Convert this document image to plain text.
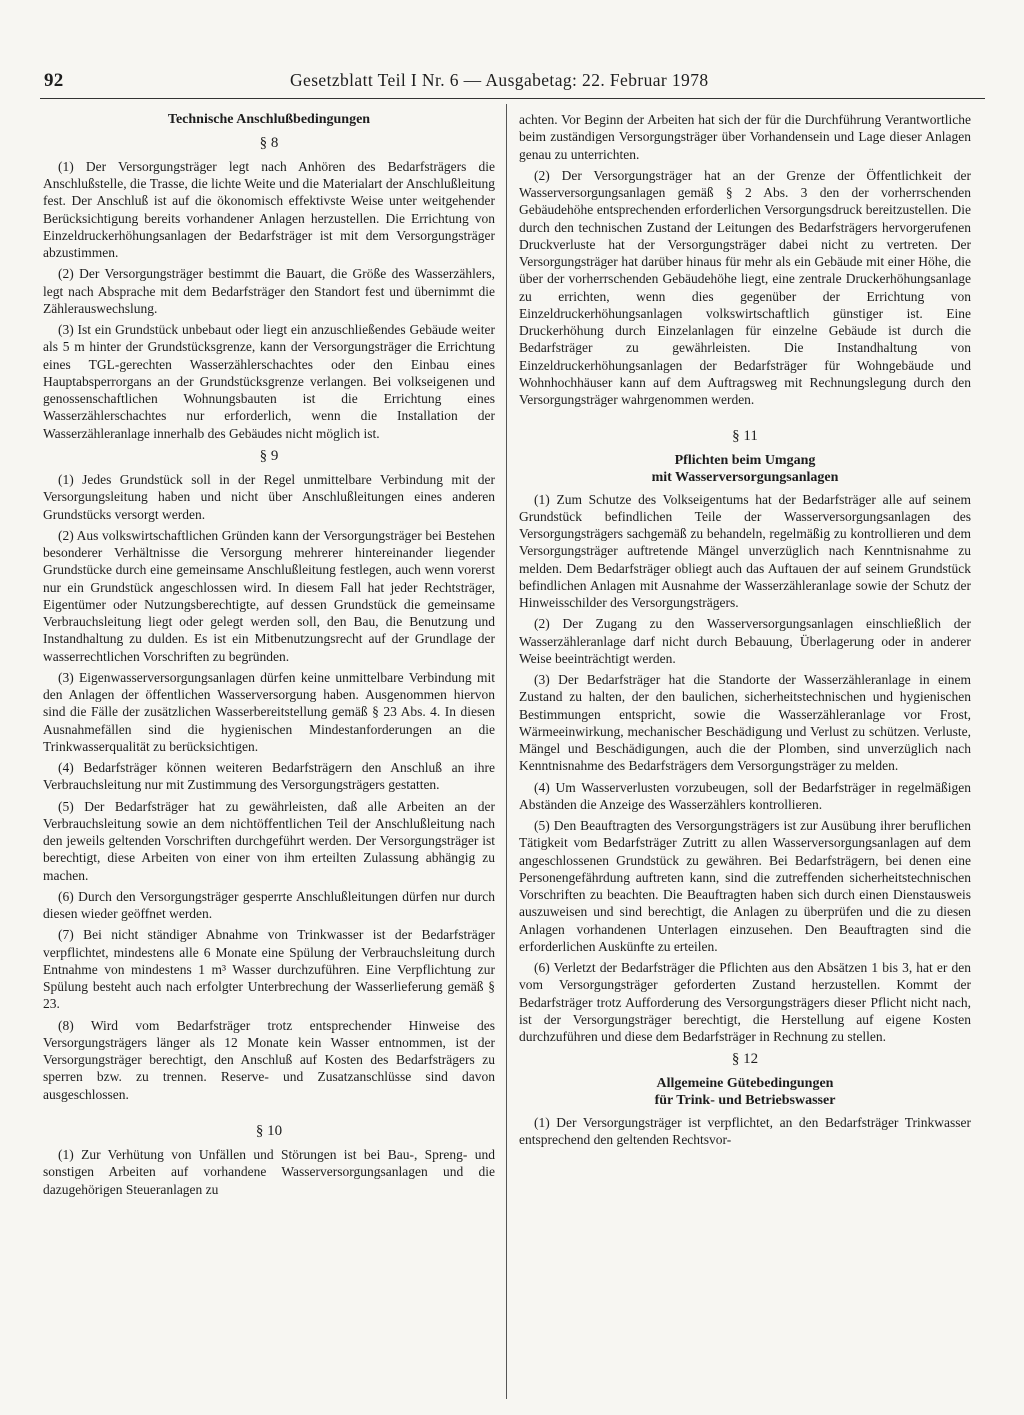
92	Gesetzblatt Teil I Nr. 6 — Ausgabetag: 22. Februar 1978
Technische Anschlußbedingungen
§ 8

(1) Der Versorgungsträger legt nach Anhören des Bedarfsträgers die Anschlußstelle, die Trasse, die lichte Weite und die Materialart der Anschlußleitung fest. Der Anschluß ist auf die ökonomisch effektivste Weise unter weitgehender Berücksichtigung bereits vorhandener Anlagen herzustellen. Die Errichtung von Einzeldruckerhöhungsanlagen der Bedarfsträger ist mit dem Versorgungsträger abzustimmen.

(2) Der Versorgungsträger bestimmt die Bauart, die Größe des Wasserzählers, legt nach Absprache mit dem Bedarfsträger den Standort fest und übernimmt die Zählerauswechslung.

(3) Ist ein Grundstück unbebaut oder liegt ein anzuschließendes Gebäude weiter als 5 m hinter der Grundstücksgrenze, kann der Versorgungsträger die Errichtung eines TGL-gerechten Wasserzählerschachtes oder den Einbau eines Hauptabsperrorgans an der Grundstücksgrenze verlangen. Bei volkseigenen und genossenschaftlichen Wohnungsbauten ist die Errichtung eines Wasserzählerschachtes nur erforderlich, wenn die Installation der Wasserzähleranlage innerhalb des Gebäudes nicht möglich ist.

§ 9

(1) Jedes Grundstück soll in der Regel unmittelbare Verbindung mit der Versorgungsleitung haben und nicht über Anschlußleitungen eines anderen Grundstücks versorgt werden.

(2) Aus volkswirtschaftlichen Gründen kann der Versorgungsträger bei Bestehen besonderer Verhältnisse die Versorgung mehrerer hintereinander liegender Grundstücke durch eine gemeinsame Anschlußleitung festlegen, auch wenn vorerst nur ein Grundstück angeschlossen wird. In diesem Fall hat jeder Rechtsträger, Eigentümer oder Nutzungsberechtigte, auf dessen Grundstück die gemeinsame Verbrauchsleitung liegt oder gelegt werden soll, den Bau, die Benutzung und Instandhaltung zu dulden. Es ist ein Mitbenutzungsrecht auf der Grundlage der wasserrechtlichen Vorschriften zu begründen.

(3) Eigenwasserversorgungsanlagen dürfen keine unmittelbare Verbindung mit den Anlagen der öffentlichen Wasserversorgung haben. Ausgenommen hiervon sind die Fälle der zusätzlichen Wasserbereitstellung gemäß § 23 Abs. 4. In diesen Ausnahmefällen sind die hygienischen Mindestanforderungen an die Trinkwasserqualität zu berücksichtigen.

(4) Bedarfsträger können weiteren Bedarfsträgern den Anschluß an ihre Verbrauchsleitung nur mit Zustimmung des Versorgungsträgers gestatten.

(5) Der Bedarfsträger hat zu gewährleisten, daß alle Arbeiten an der Verbrauchsleitung sowie an dem nichtöffentlichen Teil der Anschlußleitung nach den jeweils geltenden Vorschriften durchgeführt werden. Der Versorgungsträger ist berechtigt, diese Arbeiten von einer von ihm erteilten Zulassung abhängig zu machen.

(6) Durch den Versorgungsträger gesperrte Anschlußleitungen dürfen nur durch diesen wieder geöffnet werden.

(7) Bei nicht ständiger Abnahme von Trinkwasser ist der Bedarfsträger verpflichtet, mindestens alle 6 Monate eine Spülung der Verbrauchsleitung durch Entnahme von mindestens 1 m³ Wasser durchzuführen. Eine Verpflichtung zur Spülung besteht auch nach erfolgter Unterbrechung der Wasserlieferung gemäß § 23.

(8) Wird vom Bedarfsträger trotz entsprechender Hinweise des Versorgungsträgers länger als 12 Monate kein Wasser entnommen, ist der Versorgungsträger berechtigt, den Anschluß auf Kosten des Bedarfsträgers zu sperren bzw. zu trennen. Reserve- und Zusatzanschlüsse sind davon ausgeschlossen.

§ 10

(1) Zur Verhütung von Unfällen und Störungen ist bei Bau-, Spreng- und sonstigen Arbeiten auf vorhandene Wasserversorgungsanlagen und die dazugehörigen Steueranlagen zu

achten. Vor Beginn der Arbeiten hat sich der für die Durchführung Verantwortliche beim zuständigen Versorgungsträger über Vorhandensein und Lage dieser Anlagen genau zu unterrichten.

(2) Der Versorgungsträger hat an der Grenze der Öffentlichkeit der Wasserversorgungsanlagen gemäß § 2 Abs. 3 den der vorherrschenden Gebäudehöhe entsprechenden erforderlichen Versorgungsdruck bereitzustellen. Die durch den technischen Zustand der Leitungen des Bedarfsträgers hervorgerufenen Druckverluste hat der Versorgungsträger dabei nicht zu vertreten. Der Versorgungsträger hat darüber hinaus für mehr als ein Gebäude mit einer Höhe, die über der vorherrschenden Gebäudehöhe liegt, eine zentrale Druckerhöhungsanlage zu errichten, wenn dies gegenüber der Errichtung von Einzeldruckerhöhungsanlagen volkswirtschaftlich günstiger ist. Eine Druckerhöhung durch Einzelanlagen für einzelne Gebäude ist durch die Bedarfsträger zu gewährleisten. Die Instandhaltung von Einzeldruckerhöhungsanlagen der Bedarfsträger für Wohngebäude und Wohnhochhäuser kann auf dem Auftragsweg mit Rechnungslegung durch den Versorgungsträger wahrgenommen werden.

§ 11
Pflichten beim Umgang
mit Wasserversorgungsanlagen

(1) Zum Schutze des Volkseigentums hat der Bedarfsträger alle auf seinem Grundstück befindlichen Teile der Wasserversorgungsanlagen des Versorgungsträgers sachgemäß zu behandeln, regelmäßig zu kontrollieren und dem Versorgungsträger auftretende Mängel unverzüglich nach Kenntnisnahme zu melden. Dem Bedarfsträger obliegt auch das Auftauen der auf seinem Grundstück befindlichen Anlagen mit Ausnahme der Wasserzähleranlage sowie der Schutz der Hinweisschilder des Versorgungsträgers.

(2) Der Zugang zu den Wasserversorgungsanlagen einschließlich der Wasserzähleranlage darf nicht durch Bebauung, Überlagerung oder in anderer Weise beeinträchtigt werden.

(3) Der Bedarfsträger hat die Standorte der Wasserzähleranlage in einem Zustand zu halten, der den baulichen, sicherheitstechnischen und hygienischen Bestimmungen entspricht, sowie die Wasserzähleranlage vor Frost, Wärmeeinwirkung, mechanischer Beschädigung und Verlust zu schützen. Verluste, Mängel und Beschädigungen, auch die der Plomben, sind unverzüglich nach Kenntnisnahme des Bedarfsträgers dem Versorgungsträger zu melden.

(4) Um Wasserverlusten vorzubeugen, soll der Bedarfsträger in regelmäßigen Abständen die Anzeige des Wasserzählers kontrollieren.

(5) Den Beauftragten des Versorgungsträgers ist zur Ausübung ihrer beruflichen Tätigkeit vom Bedarfsträger Zutritt zu allen Wasserversorgungsanlagen auf dem angeschlossenen Grundstück zu gewähren. Bei Bedarfsträgern, bei denen eine Personengefährdung auftreten kann, sind die zutreffenden sicherheitstechnischen Vorschriften zu beachten. Die Beauftragten haben sich durch einen Dienstausweis auszuweisen und sind berechtigt, die Anlagen zu überprüfen und die zu diesen Anlagen vorhandenen Unterlagen einzusehen. Den Beauftragten sind die erforderlichen Auskünfte zu erteilen.

(6) Verletzt der Bedarfsträger die Pflichten aus den Absätzen 1 bis 3, hat er den vom Versorgungsträger geforderten Zustand herzustellen. Kommt der Bedarfsträger trotz Aufforderung des Versorgungsträgers dieser Pflicht nicht nach, ist der Versorgungsträger berechtigt, die Herstellung auf eigene Kosten durchzuführen und diese dem Bedarfsträger in Rechnung zu stellen.

§ 12
Allgemeine Gütebedingungen
für Trink- und Betriebswasser

(1) Der Versorgungsträger ist verpflichtet, an den Bedarfsträger Trinkwasser entsprechend den geltenden Rechtsvor-
